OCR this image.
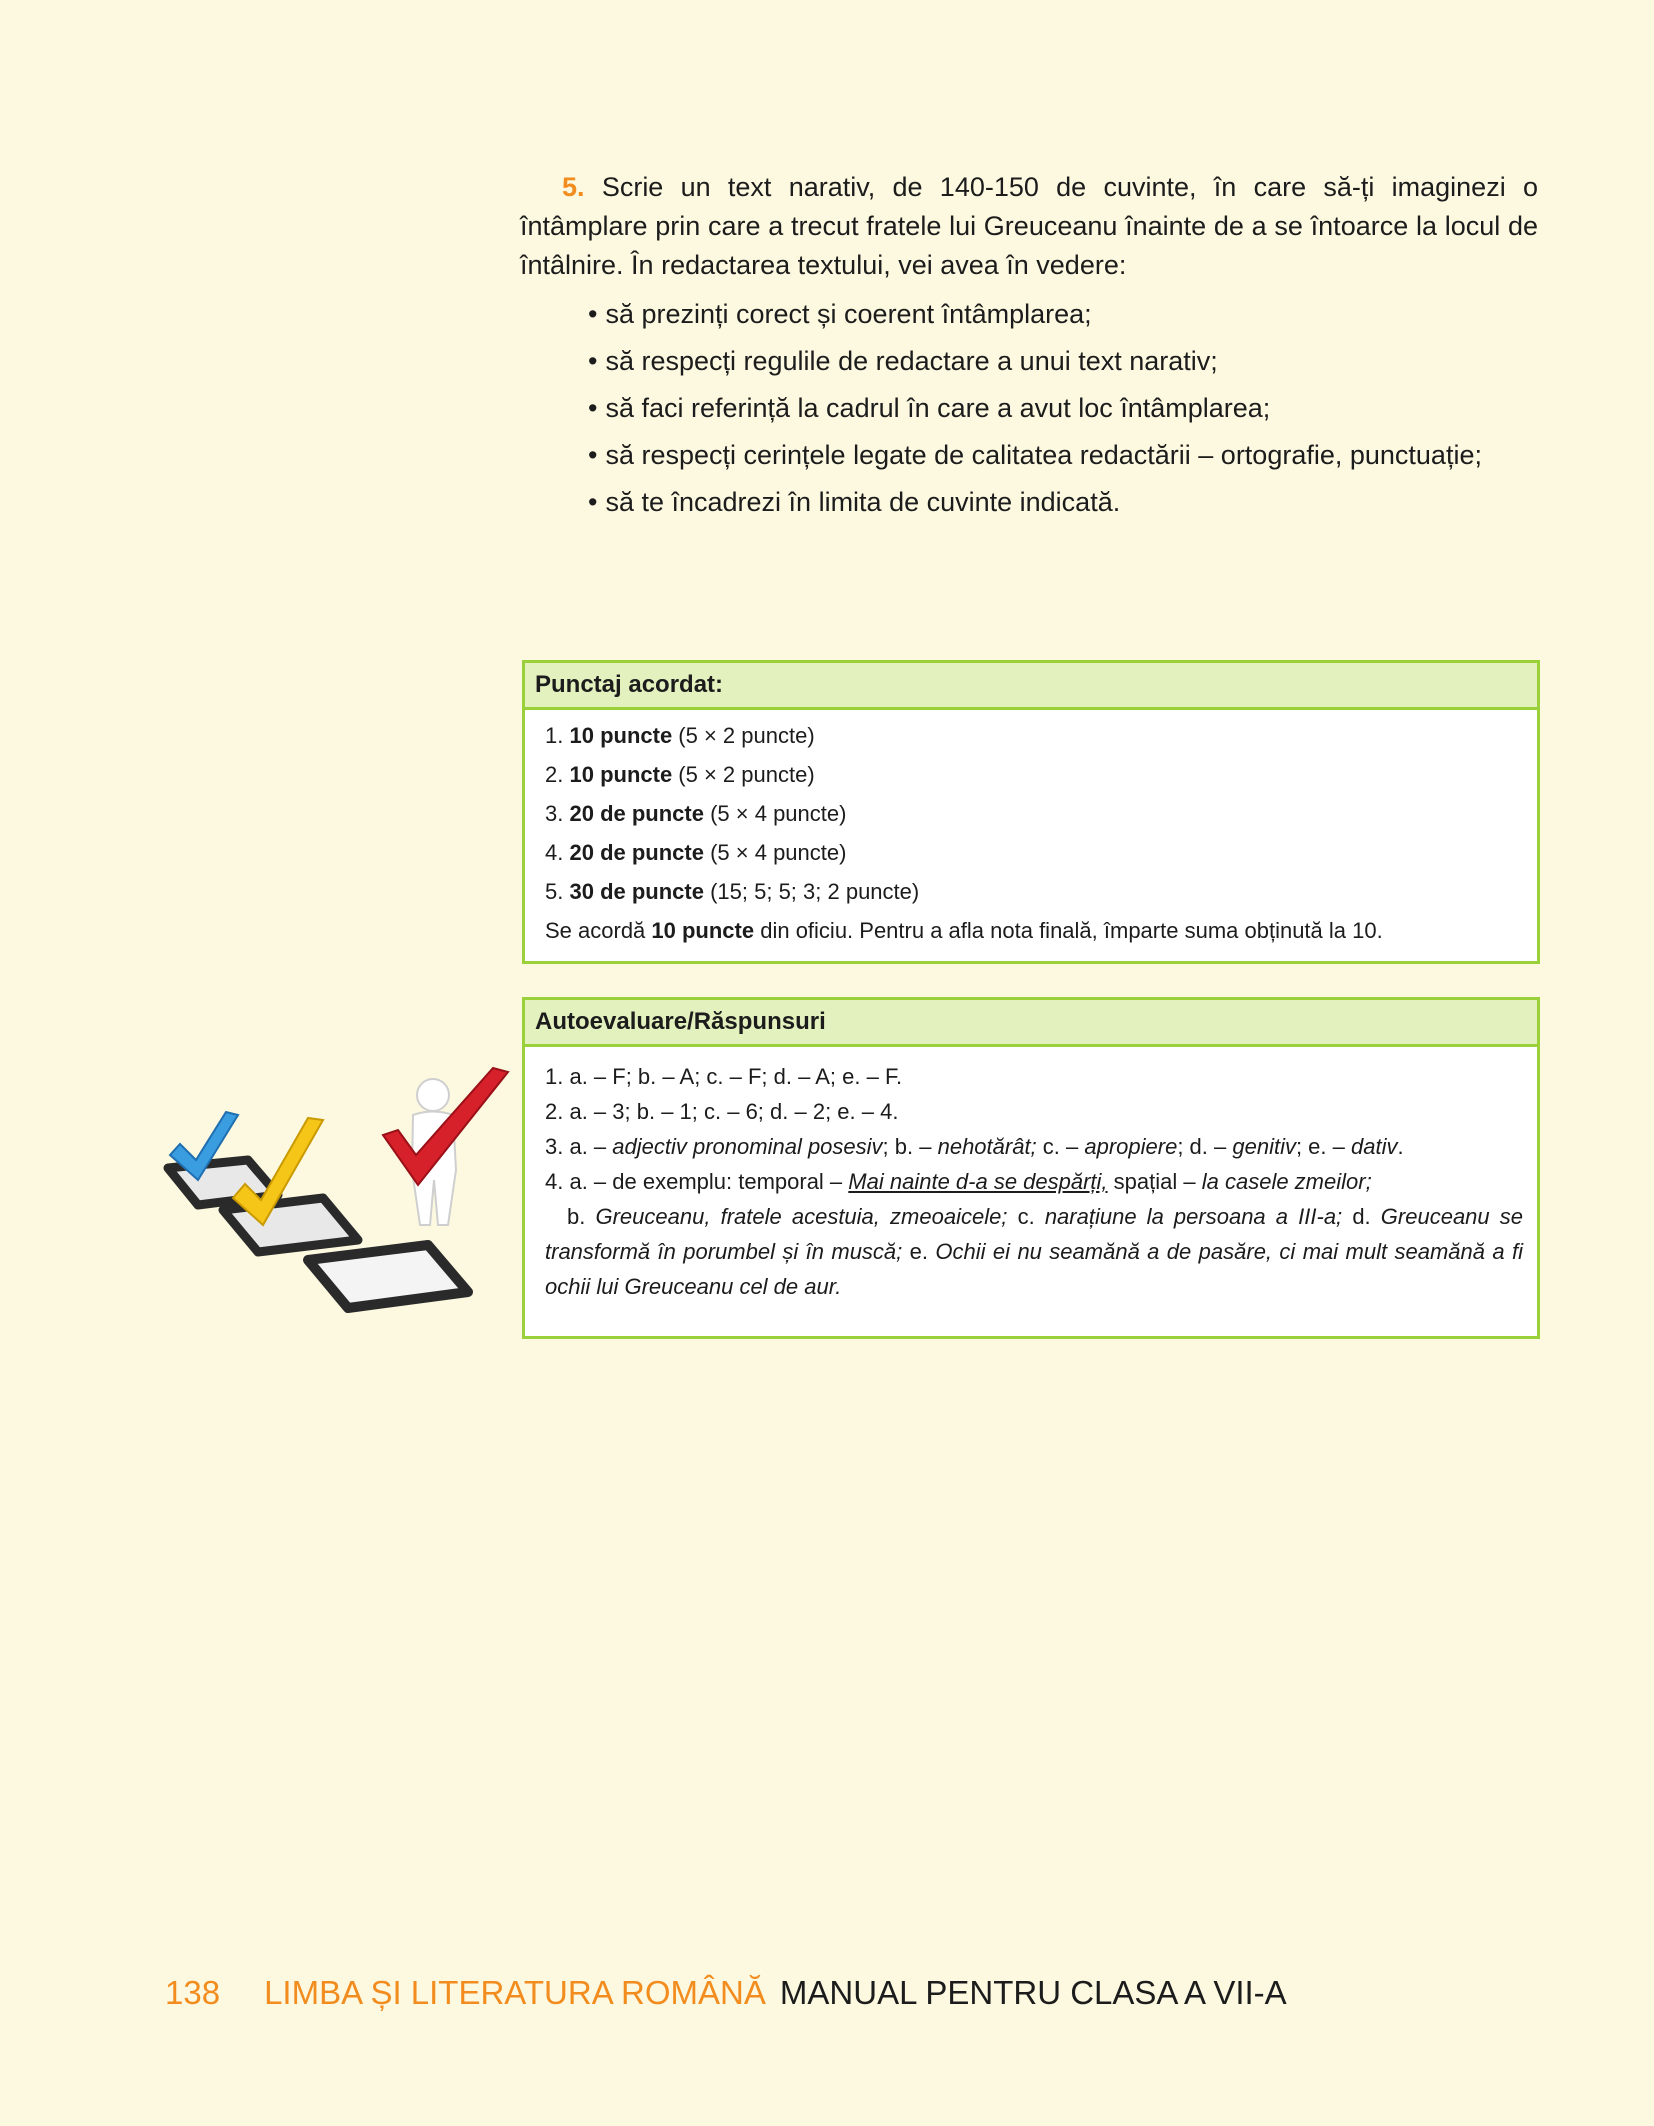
5. Scrie un text narativ, de 140-150 de cuvinte, în care să-ți imaginezi o întâmplare prin care a trecut fratele lui Greuceanu înainte de a se întoarce la locul de întâlnire. În redactarea textului, vei avea în vedere:

• să prezinți corect și coerent întâmplarea;
• să respecți regulile de redactare a unui text narativ;
• să faci referință la cadrul în care a avut loc întâmplarea;
• să respecți cerințele legate de calitatea redactării – ortografie, punctuație;
• să te încadrezi în limita de cuvinte indicată.
Punctaj acordat:
1. 10 puncte (5 × 2 puncte)
2. 10 puncte (5 × 2 puncte)
3. 20 de puncte (5 × 4 puncte)
4. 20 de puncte (5 × 4 puncte)
5. 30 de puncte (15; 5; 5; 3; 2 puncte)
Se acordă 10 puncte din oficiu. Pentru a afla nota finală, împarte suma obținută la 10.
Autoevaluare/Răspunsuri
1. a. – F; b. – A; c. – F; d. – A; e. – F.
2. a. – 3; b. – 1; c. – 6; d. – 2; e. – 4.
3. a. – adjectiv pronominal posesiv; b. – nehotărât; c. – apropiere; d. – genitiv; e. – dativ.
4. a. – de exemplu: temporal – Mai nainte d-a se despărți, spațial – la casele zmeilor;
b. Greuceanu, fratele acestuia, zmeoaicele; c. narațiune la persoana a III-a; d. Greuceanu se transformă în porumbel și în muscă; e. Ochii ei nu seamănă a de pasăre, ci mai mult seamănă a fi ochii lui Greuceanu cel de aur.
138 LIMBA ȘI LITERATURA ROMÂNĂ MANUAL PENTRU CLASA A VII-A
